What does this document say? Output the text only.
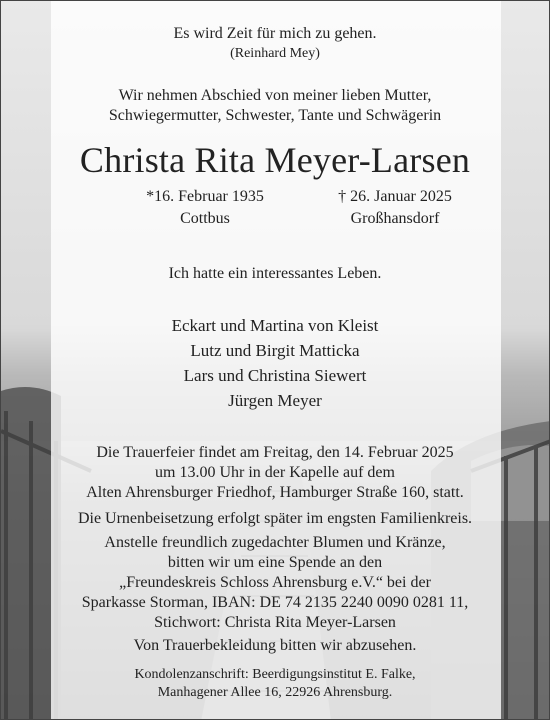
Es wird Zeit für mich zu gehen.
(Reinhard Mey)
Wir nehmen Abschied von meiner lieben Mutter,
Schwiegermutter, Schwester, Tante und Schwägerin
Christa Rita Meyer-Larsen
*16. Februar 1935
Cottbus
† 26. Januar 2025
Großhansdorf
Ich hatte ein interessantes Leben.
Eckart und Martina von Kleist
Lutz und Birgit Matticka
Lars und Christina Siewert
Jürgen Meyer
Die Trauerfeier findet am Freitag, den 14. Februar 2025
um 13.00 Uhr in der Kapelle auf dem
Alten Ahrensburger Friedhof, Hamburger Straße 160, statt.
Die Urnenbeisetzung erfolgt später im engsten Familienkreis.
Anstelle freundlich zugedachter Blumen und Kränze,
bitten wir um eine Spende an den
„Freundeskreis Schloss Ahrensburg e.V.“ bei der
Sparkasse Storman, IBAN: DE 74 2135 2240 0090 0281 11,
Stichwort: Christa Rita Meyer-Larsen
Von Trauerbekleidung bitten wir abzusehen.
Kondolenzanschrift: Beerdigungsinstitut E. Falke,
Manhagener Allee 16, 22926 Ahrensburg.
